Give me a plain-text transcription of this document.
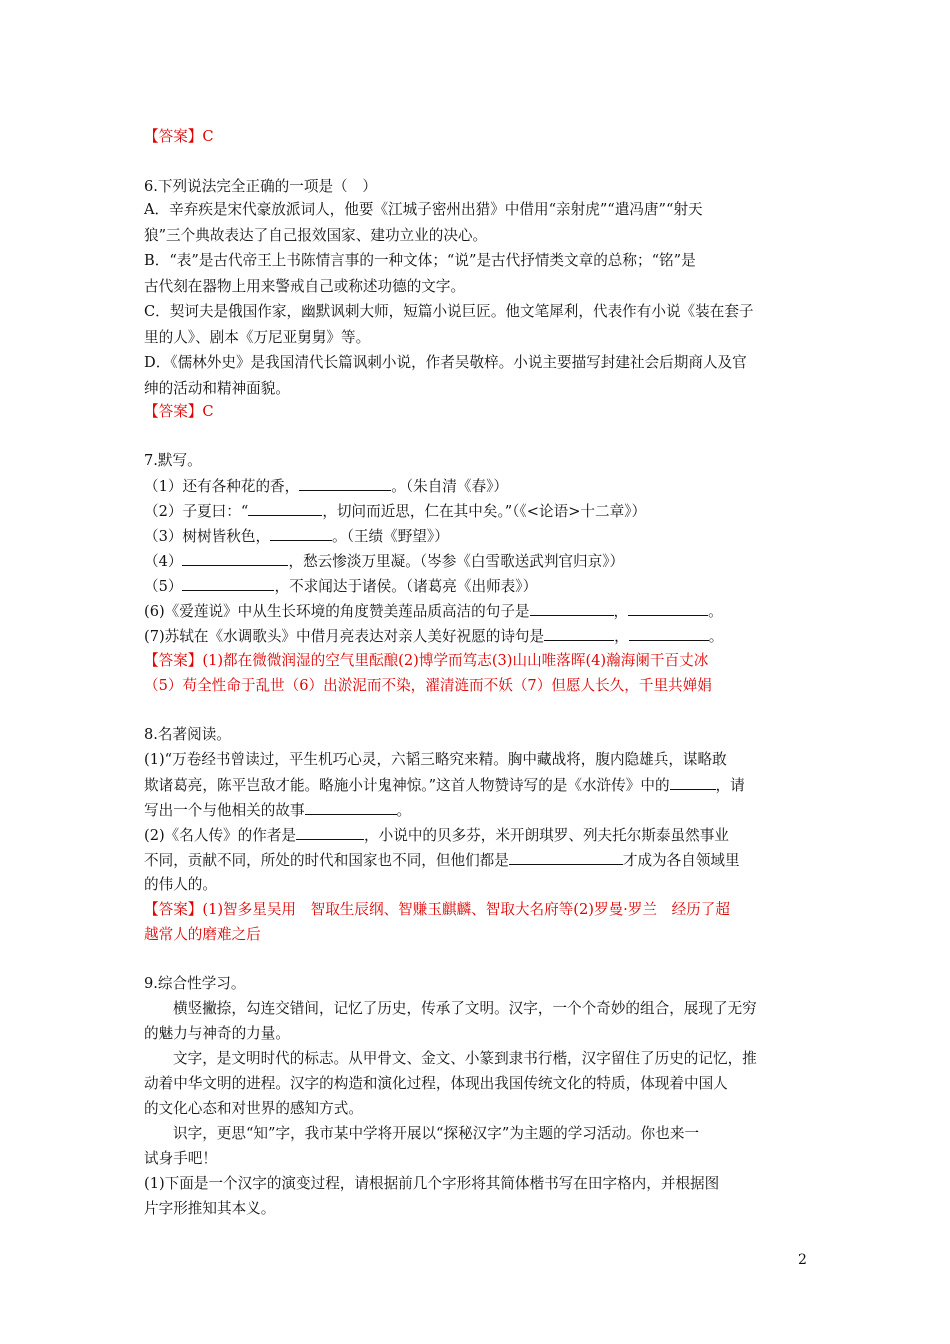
【答案】C
6.下列说法完全正确的一项是（　）
A．辛弃疾是宋代豪放派词人，他要《江城子密州出猎》中借用“亲射虎”“遣冯唐”“射天
狼”三个典故表达了自己报效国家、建功立业的决心。
B．“表”是古代帝王上书陈情言事的一种文体；“说”是古代抒情类文章的总称；“铭”是
古代刻在器物上用来警戒自己或称述功德的文字。
C．契诃夫是俄国作家，幽默讽刺大师，短篇小说巨匠。他文笔犀利，代表作有小说《装在套子
里的人》、剧本《万尼亚舅舅》等。
D．《儒林外史》是我国清代长篇讽刺小说，作者吴敬梓。小说主要描写封建社会后期商人及官
绅的活动和精神面貌。
【答案】C
7.默写。
（1）还有各种花的香，	。（朱自清《春》）
（2）子夏曰：“	，切问而近思，仁在其中矣。”（《<论语>十二章》）
（3）树树皆秋色，	。（王绩《野望》）
（4）	，愁云惨淡万里凝。（岑参《白雪歌送武判官归京》）
（5）	，不求闻达于诸侯。（诸葛亮《出师表》）
(6)《爱莲说》中从生长环境的角度赞美莲品质高洁的句子是	，	。
(7)苏轼在《水调歌头》中借月亮表达对亲人美好祝愿的诗句是	，	。
【答案】(1)都在微微润湿的空气里酝酿(2)博学而笃志(3)山山唯落晖(4)瀚海阑干百丈冰
（5）苟全性命于乱世（6）出淤泥而不染，濯清涟而不妖（7）但愿人长久，千里共婵娟
8.名著阅读。
(1)“万卷经书曾读过，平生机巧心灵，六韬三略究来精。胸中藏战将，腹内隐雄兵，谋略敢
欺诸葛亮，陈平岂敌才能。略施小计鬼神惊。”这首人物赞诗写的是《水浒传》中的	，请
写出一个与他相关的故事	。
(2)《名人传》的作者是	，小说中的贝多芬，米开朗琪罗、列夫托尔斯泰虽然事业
不同，贡献不同，所处的时代和国家也不同，但他们都是	才成为各自领域里
的伟人的。
【答案】(1)智多星吴用　智取生辰纲、智赚玉麒麟、智取大名府等(2)罗曼·罗兰　经历了超
越常人的磨难之后
9.综合性学习。
横竖撇捺，勾连交错间，记忆了历史，传承了文明。汉字，一个个奇妙的组合，展现了无穷
的魅力与神奇的力量。
文字，是文明时代的标志。从甲骨文、金文、小篆到隶书行楷，汉字留住了历史的记忆，推
动着中华文明的进程。汉字的构造和演化过程，体现出我国传统文化的特质，体现着中国人
的文化心态和对世界的感知方式。
识字，更思“知”字，我市某中学将开展以“探秘汉字”为主题的学习活动。你也来一
试身手吧！
(1)下面是一个汉字的演变过程，请根据前几个字形将其简体楷书写在田字格内，并根据图
片字形推知其本义。
2
